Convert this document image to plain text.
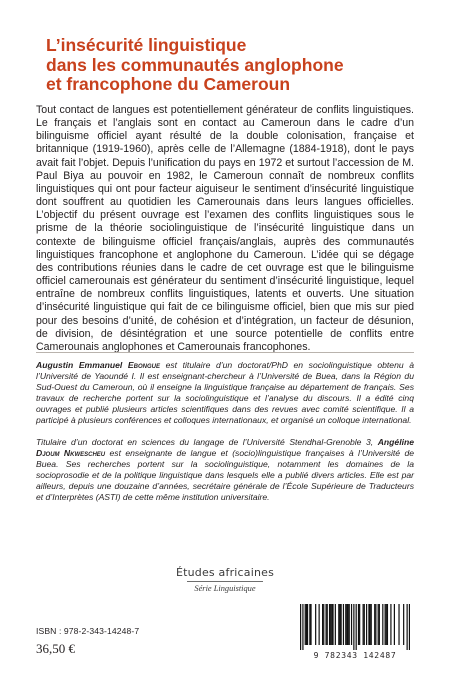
L’insécurité linguistique
dans les communautés anglophone
et francophone du Cameroun

Tout contact de langues est potentiellement générateur de conflits linguistiques. Le français et l’anglais sont en contact au Cameroun dans le cadre d’un bilinguisme officiel ayant résulté de la double colonisation, française et britannique (1919-1960), après celle de l’Allemagne (1884-1918), dont le pays avait fait l’objet. Depuis l’unification du pays en 1972 et surtout l’accession de M. Paul Biya au pouvoir en 1982, le Cameroun connaît de nombreux conflits linguistiques qui ont pour facteur aiguiseur le sentiment d’insécurité linguistique dont souffrent au quotidien les Camerounais dans leurs langues officielles. L’objectif du présent ouvrage est l’examen des conflits linguistiques sous le prisme de la théorie sociolinguistique de l’insécurité linguistique dans un contexte de bilinguisme officiel français/anglais, auprès des communautés linguistiques francophone et anglophone du Cameroun. L’idée qui se dégage des contributions réunies dans le cadre de cet ouvrage est que le bilinguisme officiel camerounais est générateur du sentiment d’insécurité linguistique, lequel entraîne de nombreux conflits linguistiques, latents et ouverts. Une situation d’insécurité linguistique qui fait de ce bilinguisme officiel, bien que mis sur pied pour des besoins d’unité, de cohésion et d’intégration, un facteur de désunion, de division, de désintégration et une source potentielle de conflits entre Camerounais anglophones et Camerounais francophones.

Augustin Emmanuel Ebongue est titulaire d’un doctorat/PhD en sociolinguistique obtenu à l’Université de Yaoundé I. Il est enseignant-chercheur à l’Université de Buea, dans la Région du Sud-Ouest du Cameroun, où il enseigne la linguistique française au département de français. Ses travaux de recherche portent sur la sociolinguistique et l’analyse du discours. Il a édité cinq ouvrages et publié plusieurs articles scientifiques dans des revues avec comité scientifique. Il a participé à plusieurs conférences et colloques internationaux, et organisé un colloque international.

Titulaire d’un doctorat en sciences du langage de l’Université Stendhal-Grenoble 3, Angéline Djoum Nkwescheu est enseignante de langue et (socio)linguistique françaises à l’Université de Buea. Ses recherches portent sur la sociolinguistique, notamment les domaines de la socioprosodie et de la politique linguistique dans lesquels elle a publié divers articles. Elle est par ailleurs, depuis une douzaine d’années, secrétaire générale de l’École Supérieure de Traducteurs et d’Interprètes (ASTI) de cette même institution universitaire.

Études africaines
Série Linguistique
ISBN : 978-2-343-14248-7
36,50 €	9 782343 142487
